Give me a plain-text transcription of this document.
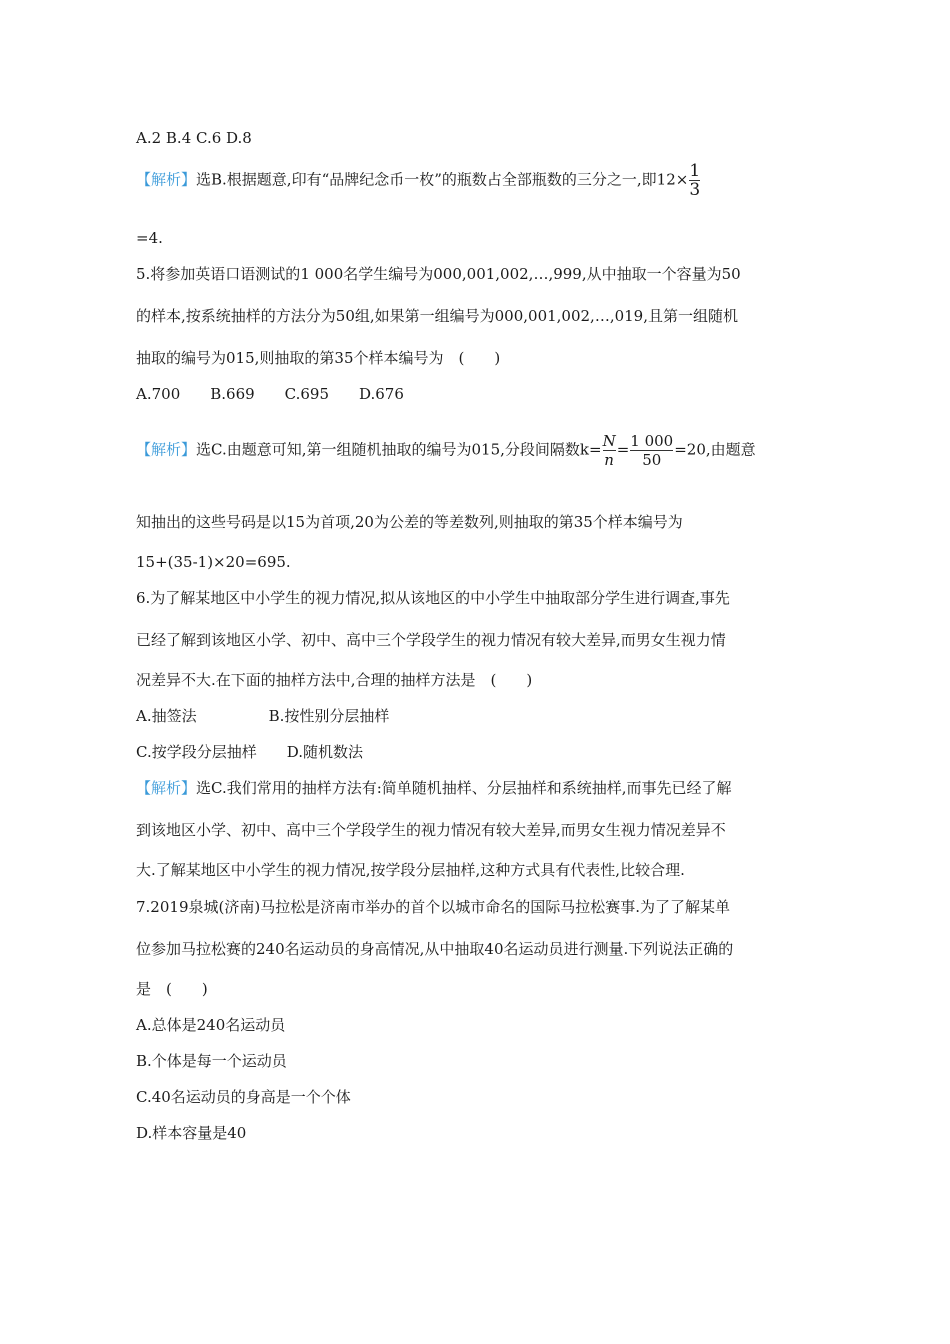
A.2 B.4 C.6 D.8
【解析】选B.根据题意,印有“品牌纪念币一枚”的瓶数占全部瓶数的三分之一,即$12\times \frac{1}{3}$
=4.
5.将参加英语口语测试的1 000名学生编号为000,001,002,…,999,从中抽取一个容量为50
的样本,按系统抽样的方法分为50组,如果第一组编号为000,001,002,…,019,且第一组随机
抽取的编号为015,则抽取的第35个样本编号为　(　　)
A.700 B.669 C.695 D.676
【解析】选C.由题意可知,第一组随机抽取的编号为015,分段间隔数$k= \frac{N}{n} = \frac{1 000}{50} =20$,由题意
知抽出的这些号码是以15为首项,20为公差的等差数列,则抽取的第35个样本编号为
15+(35-1)×20=695.
6.为了解某地区中小学生的视力情况,拟从该地区的中小学生中抽取部分学生进行调查,事先
已经了解到该地区小学、初中、高中三个学段学生的视力情况有较大差异,而男女生视力情
况差异不大.在下面的抽样方法中,合理的抽样方法是　(　　)
A.抽签法	B.按性别分层抽样
C.按学段分层抽样 D.随机数法
【解析】选C.我们常用的抽样方法有:简单随机抽样、分层抽样和系统抽样,而事先已经了解
到该地区小学、初中、高中三个学段学生的视力情况有较大差异,而男女生视力情况差异不
大.了解某地区中小学生的视力情况,按学段分层抽样,这种方式具有代表性,比较合理.
7.2019泉城(济南)马拉松是济南市举办的首个以城市命名的国际马拉松赛事.为了了解某单
位参加马拉松赛的240名运动员的身高情况,从中抽取40名运动员进行测量.下列说法正确的
是　(　　)
A.总体是240名运动员
B.个体是每一个运动员
C.40名运动员的身高是一个个体
D.样本容量是40
